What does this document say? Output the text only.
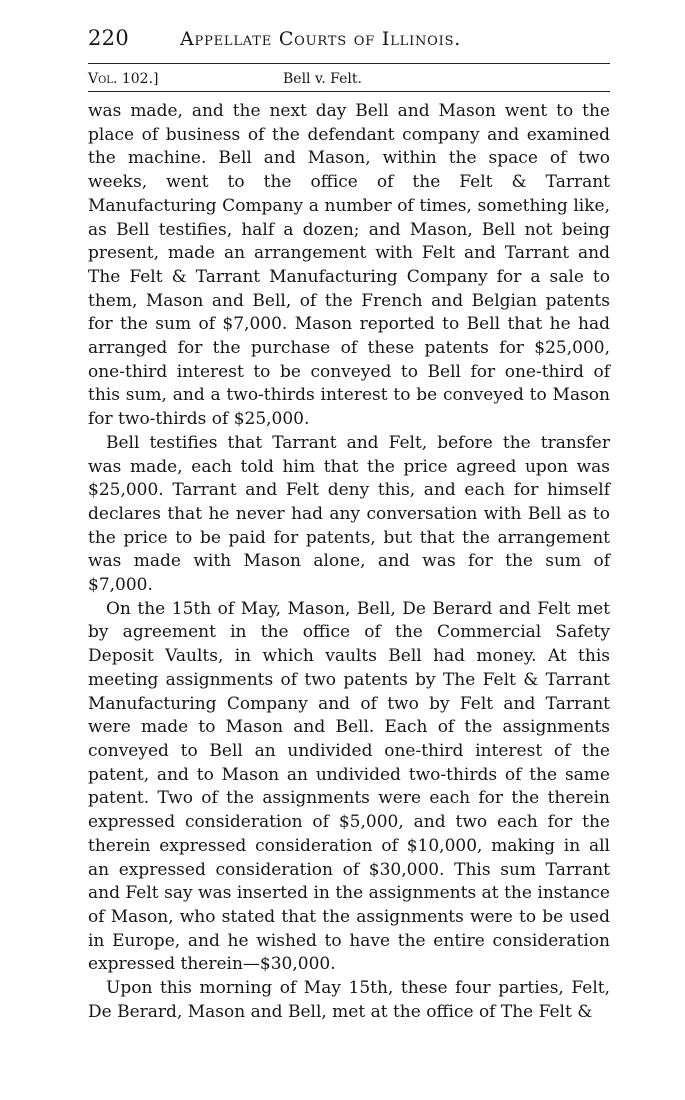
220	Appellate Courts of Illinois.
Vol. 102.]	Bell v. Felt.

was made, and the next day Bell and Mason went to the place of business of the defendant company and examined the machine. Bell and Mason, within the space of two weeks, went to the office of the Felt & Tarrant Manufacturing Company a number of times, something like, as Bell testifies, half a dozen; and Mason, Bell not being present, made an arrangement with Felt and Tarrant and The Felt & Tarrant Manufacturing Company for a sale to them, Mason and Bell, of the French and Belgian patents for the sum of $7,000. Mason reported to Bell that he had arranged for the purchase of these patents for $25,000, one-third interest to be conveyed to Bell for one-third of this sum, and a two-thirds interest to be conveyed to Mason for two-thirds of $25,000.

Bell testifies that Tarrant and Felt, before the transfer was made, each told him that the price agreed upon was $25,000. Tarrant and Felt deny this, and each for himself declares that he never had any conversation with Bell as to the price to be paid for patents, but that the arrangement was made with Mason alone, and was for the sum of $7,000.

On the 15th of May, Mason, Bell, De Berard and Felt met by agreement in the office of the Commercial Safety Deposit Vaults, in which vaults Bell had money. At this meeting assignments of two patents by The Felt & Tarrant Manufacturing Company and of two by Felt and Tarrant were made to Mason and Bell. Each of the assignments conveyed to Bell an undivided one-third interest of the patent, and to Mason an undivided two-thirds of the same patent. Two of the assignments were each for the therein expressed consideration of $5,000, and two each for the therein expressed consideration of $10,000, making in all an expressed consideration of $30,000. This sum Tarrant and Felt say was inserted in the assignments at the instance of Mason, who stated that the assignments were to be used in Europe, and he wished to have the entire consideration expressed therein—$30,000.

Upon this morning of May 15th, these four parties, Felt, De Berard, Mason and Bell, met at the office of The Felt &
